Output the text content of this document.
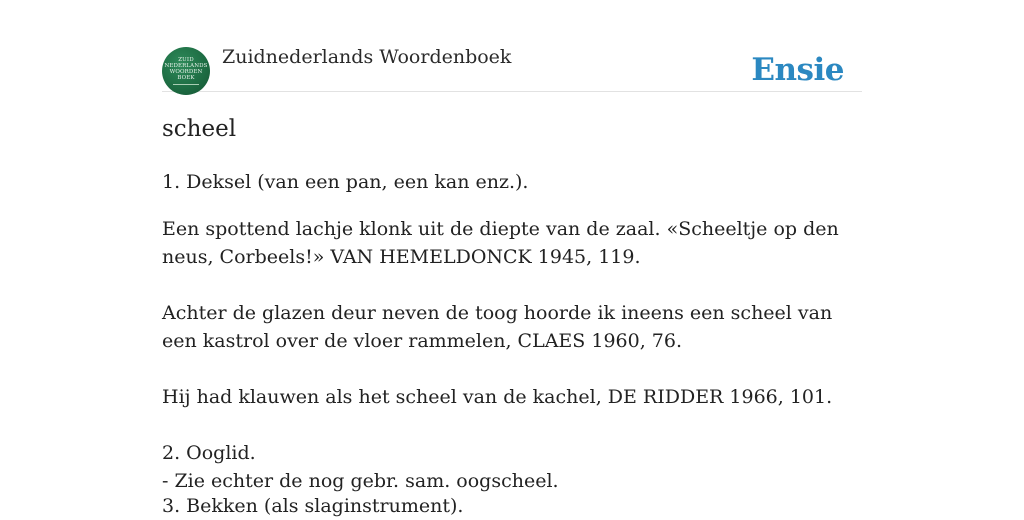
ZUID
NEDERLANDS
WOORDEN
BOEK
Zuidnederlands Woordenboek	Ensie
scheel
1. Deksel (van een pan, een kan enz.).
Een spottend lachje klonk uit de diepte van de zaal. «Scheeltje op den neus, Corbeels!» VAN HEMELDONCK 1945, 119.
Achter de glazen deur neven de toog hoorde ik ineens een scheel van een kastrol over de vloer rammelen, CLAES 1960, 76.
Hij had klauwen als het scheel van de kachel, DE RIDDER 1966, 101.
2. Ooglid.
- Zie echter de nog gebr. sam. oogscheel.
3. Bekken (als slaginstrument).
